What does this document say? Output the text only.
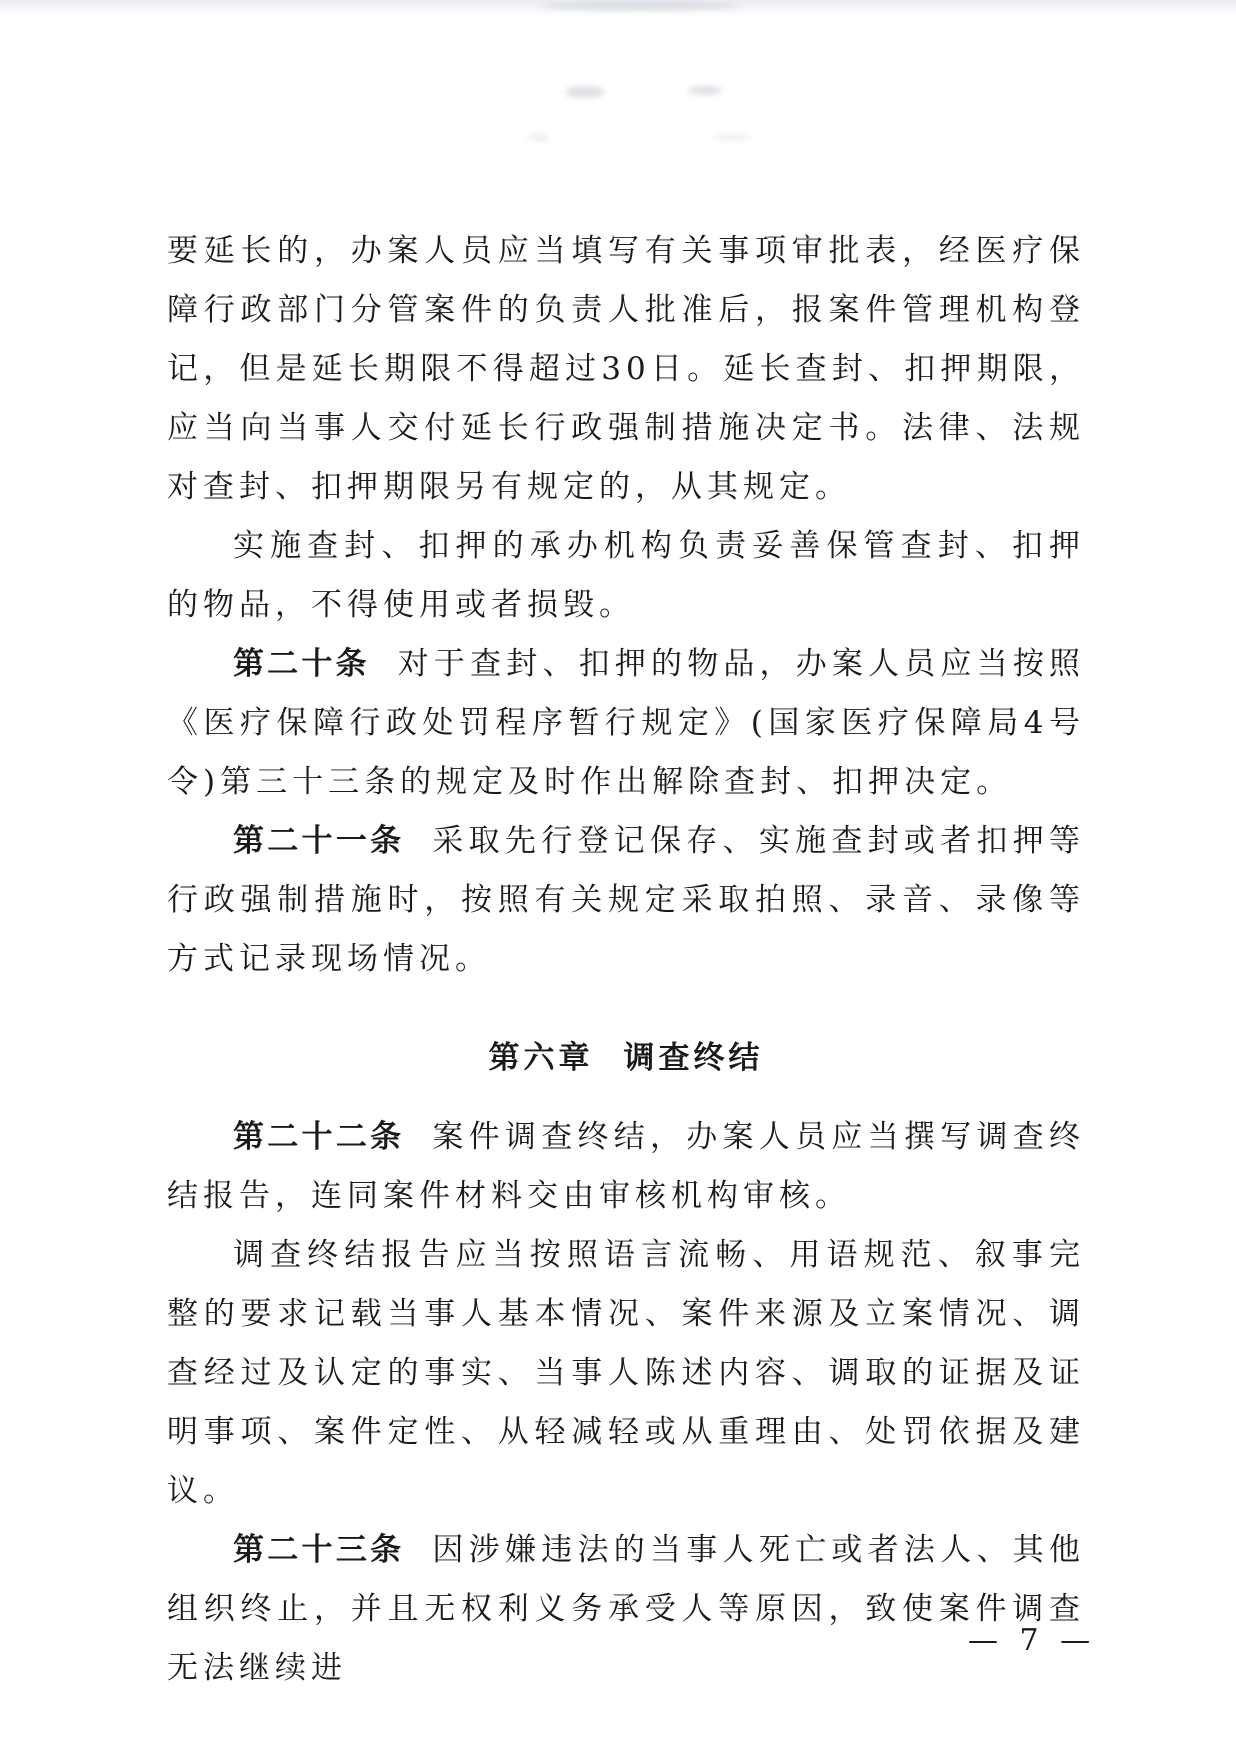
要延长的，办案人员应当填写有关事项审批表，经医疗保障行政部门分管案件的负责人批准后，报案件管理机构登记，但是延长期限不得超过30日。延长查封、扣押期限，应当向当事人交付延长行政强制措施决定书。法律、法规对查封、扣押期限另有规定的，从其规定。

实施查封、扣押的承办机构负责妥善保管查封、扣押的物品，不得使用或者损毁。

第二十条 对于查封、扣押的物品，办案人员应当按照《医疗保障行政处罚程序暂行规定》(国家医疗保障局4号令)第三十三条的规定及时作出解除查封、扣押决定。

第二十一条 采取先行登记保存、实施查封或者扣押等行政强制措施时，按照有关规定采取拍照、录音、录像等方式记录现场情况。

第六章 调查终结

第二十二条 案件调查终结，办案人员应当撰写调查终结报告，连同案件材料交由审核机构审核。

调查终结报告应当按照语言流畅、用语规范、叙事完整的要求记载当事人基本情况、案件来源及立案情况、调查经过及认定的事实、当事人陈述内容、调取的证据及证明事项、案件定性、从轻减轻或从重理由、处罚依据及建议。

第二十三条 因涉嫌违法的当事人死亡或者法人、其他组织终止，并且无权利义务承受人等原因，致使案件调查无法继续进

— 7 —
